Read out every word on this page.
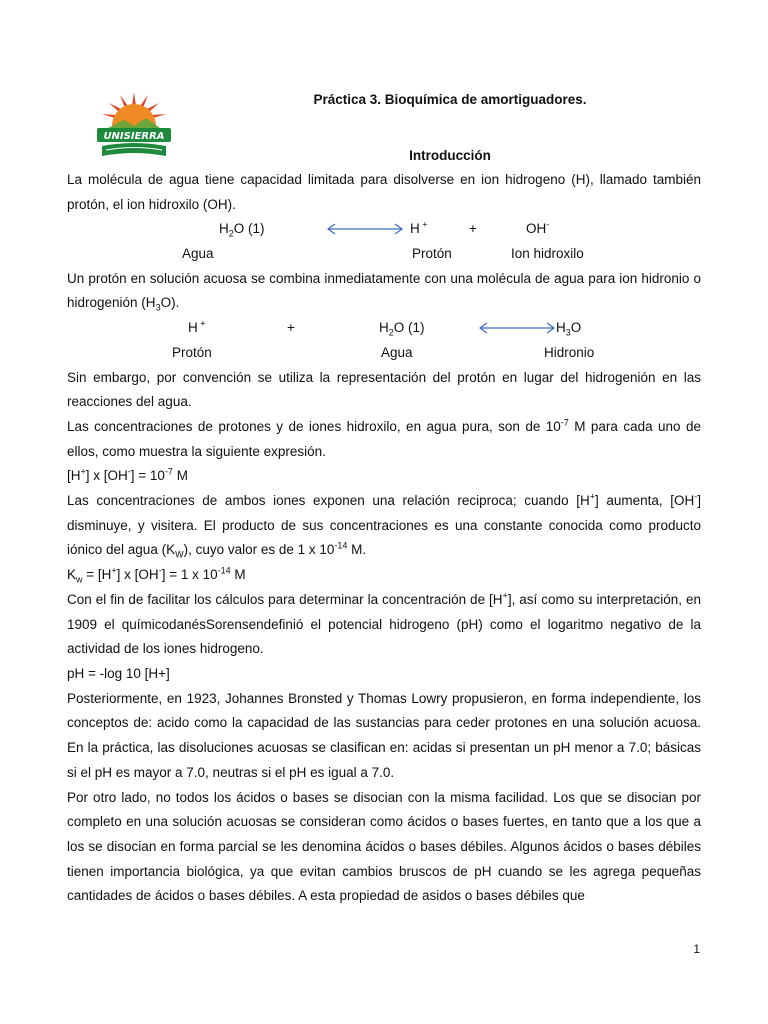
UNISIERRA
Práctica 3. Bioquímica de amortiguadores.
Introducción

La molécula de agua tiene capacidad limitada para disolverse en ion hidrogeno (H), llamado también protón, el ion hidroxilo (OH).

$H_2O$ (1)	H +	+	OH-
Agua	Protón	Ion hidroxilo

Un protón en solución acuosa se combina inmediatamente con una molécula de agua para ion hidronio o hidrogenión $(H_3O)$.

H +	+	$H_2O$ (1)	$H_3O$
Protón	Agua	Hidronio

Sin embargo, por convención se utiliza la representación del protón en lugar del hidrogenión en las reacciones del agua.

Las concentraciones de protones y de iones hidroxilo, en agua pura, son de $10^{-7}$ M para cada uno de ellos, como muestra la siguiente expresión.

[H+] x $[OH^-] = 10^{-7}$ M

Las concentraciones de ambos iones exponen una relación reciproca; cuando [H+] aumenta, [OH-] disminuye, y visitera. El producto de sus concentraciones es una constante conocida como producto iónico del agua $(K_W)$, cuyo valor es de 1 x $10^{-14}$ M.

$K_w = [H^+]$ x [OH-] = 1 x $10^{-14}$ M

Con el fin de facilitar los cálculos para determinar la concentración de [H+], así como su interpretación, en 1909 el químicodanésSorensendefinió el potencial hidrogeno (pH) como el logaritmo negativo de la actividad de los iones hidrogeno.

pH = -log 10 [H+]

Posteriormente, en 1923, Johannes Bronsted y Thomas Lowry propusieron, en forma independiente, los conceptos de: acido como la capacidad de las sustancias para ceder protones en una solución acuosa. En la práctica, las disoluciones acuosas se clasifican en: acidas si presentan un pH menor a 7.0; básicas si el pH es mayor a 7.0, neutras si el pH es igual a 7.0.

Por otro lado, no todos los ácidos o bases se disocian con la misma facilidad. Los que se disocian por completo en una solución acuosas se consideran como ácidos o bases fuertes, en tanto que a los que a los se disocian en forma parcial se les denomina ácidos o bases débiles. Algunos ácidos o bases débiles tienen importancia biológica, ya que evitan cambios bruscos de pH cuando se les agrega pequeñas cantidades de ácidos o bases débiles. A esta propiedad de asidos o bases débiles que

1
